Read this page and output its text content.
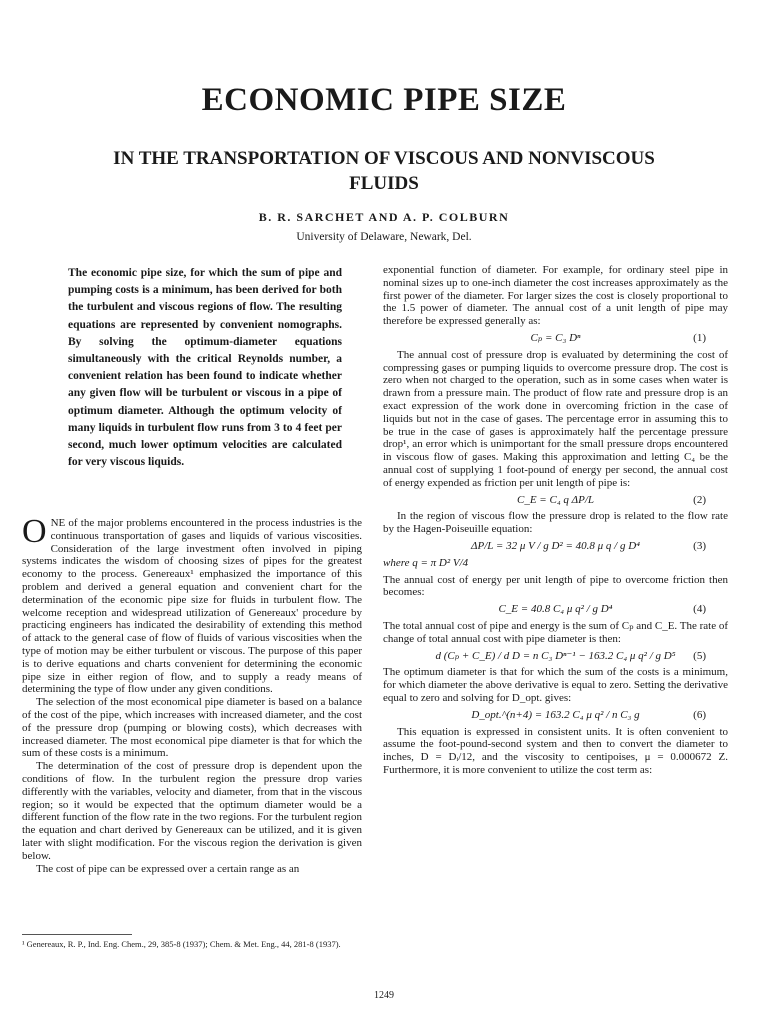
ECONOMIC PIPE SIZE
IN THE TRANSPORTATION OF VISCOUS AND NONVISCOUS FLUIDS
B. R. SARCHET AND A. P. COLBURN
University of Delaware, Newark, Del.
The economic pipe size, for which the sum of pipe and pumping costs is a minimum, has been derived for both the turbulent and viscous regions of flow. The resulting equations are represented by convenient nomographs. By solving the optimum-diameter equations simultaneously with the critical Reynolds number, a convenient relation has been found to indicate whether any given flow will be turbulent or viscous in a pipe of optimum diameter. Although the optimum velocity of many liquids in turbulent flow runs from 3 to 4 feet per second, much lower optimum velocities are calculated for very viscous liquids.

ONE of the major problems encountered in the process industries is the continuous transportation of gases and liquids of various viscosities. Consideration of the large investment often involved in piping systems indicates the wisdom of choosing sizes of pipes for the greatest economy to the process. Genereaux¹ emphasized the importance of this problem and derived a general equation and convenient chart for the determination of the economic pipe size for fluids in turbulent flow. The welcome reception and widespread utilization of Genereaux' procedure by practicing engineers has indicated the desirability of extending this method of attack to the general case of flow of fluids of various viscosities when the type of motion may be either turbulent or viscous. The purpose of this paper is to derive equations and charts convenient for determining the economic pipe size in either region of flow, and to supply a ready means of determining the type of flow under any given conditions.

The selection of the most economical pipe diameter is based on a balance of the cost of the pipe, which increases with increased diameter, and the cost of the pressure drop (pumping or blowing costs), which decreases with increased diameter. The most economical pipe diameter is that for which the sum of these costs is a minimum.

The determination of the cost of pressure drop is dependent upon the conditions of flow. In the turbulent region the pressure drop varies differently with the variables, velocity and diameter, from that in the viscous region; so it would be expected that the optimum diameter would be a different function of the flow rate in the two regions. For the turbulent region the equation and chart derived by Genereaux can be utilized, and it is given later with slight modification. For the viscous region the derivation is given below.

The cost of pipe can be expressed over a certain range as an

¹ Genereaux, R. P., Ind. Eng. Chem., 29, 385-8 (1937); Chem. & Met. Eng., 44, 281-8 (1937).

exponential function of diameter. For example, for ordinary steel pipe in nominal sizes up to one-inch diameter the cost increases approximately as the first power of the diameter. For larger sizes the cost is closely proportional to the 1.5 power of diameter. The annual cost of a unit length of pipe may therefore be expressed generally as:

Cₚ = C₃ Dⁿ	(1)

The annual cost of pressure drop is evaluated by determining the cost of compressing gases or pumping liquids to overcome pressure drop. The cost is zero when not charged to the operation, such as in some cases when water is drawn from a pressure main. The product of flow rate and pressure drop is an exact expression of the work done in overcoming friction in the case of liquids but not in the case of gases. The percentage error in assuming this to be true in the case of gases is approximately half the percentage pressure drop¹, an error which is unimportant for the small pressure drops encountered in viscous flow of gases. Making this approximation and letting C₄ be the annual cost of supplying 1 foot-pound of energy per second, the annual cost of energy expended as friction per unit length of pipe is:

C_E = C₄ q ΔP/L	(2)

In the region of viscous flow the pressure drop is related to the flow rate by the Hagen-Poiseuille equation:

ΔP/L = 32 μ V / g D² = 40.8 μ q / g D⁴	(3)

where q = π D² V/4

The annual cost of energy per unit length of pipe to overcome friction then becomes:

C_E = 40.8 C₄ μ q² / g D⁴	(4)

The total annual cost of pipe and energy is the sum of Cₚ and C_E. The rate of change of total annual cost with pipe diameter is then:

d (Cₚ + C_E) / d D = n C₃ Dⁿ⁻¹ − 163.2 C₄ μ q² / g D⁵ (5)

The optimum diameter is that for which the sum of the costs is a minimum, for which diameter the above derivative is equal to zero. Setting the derivative equal to zero and solving for D_opt. gives:

D_opt.^(n+4) = 163.2 C₄ μ q² / n C₃ g	(6)

This equation is expressed in consistent units. It is often convenient to assume the foot-pound-second system and then to convert the diameter to inches, D = Dᵢ/12, and the viscosity to centipoises, μ = 0.000672 Z. Furthermore, it is more convenient to utilize the cost term as:

1249
